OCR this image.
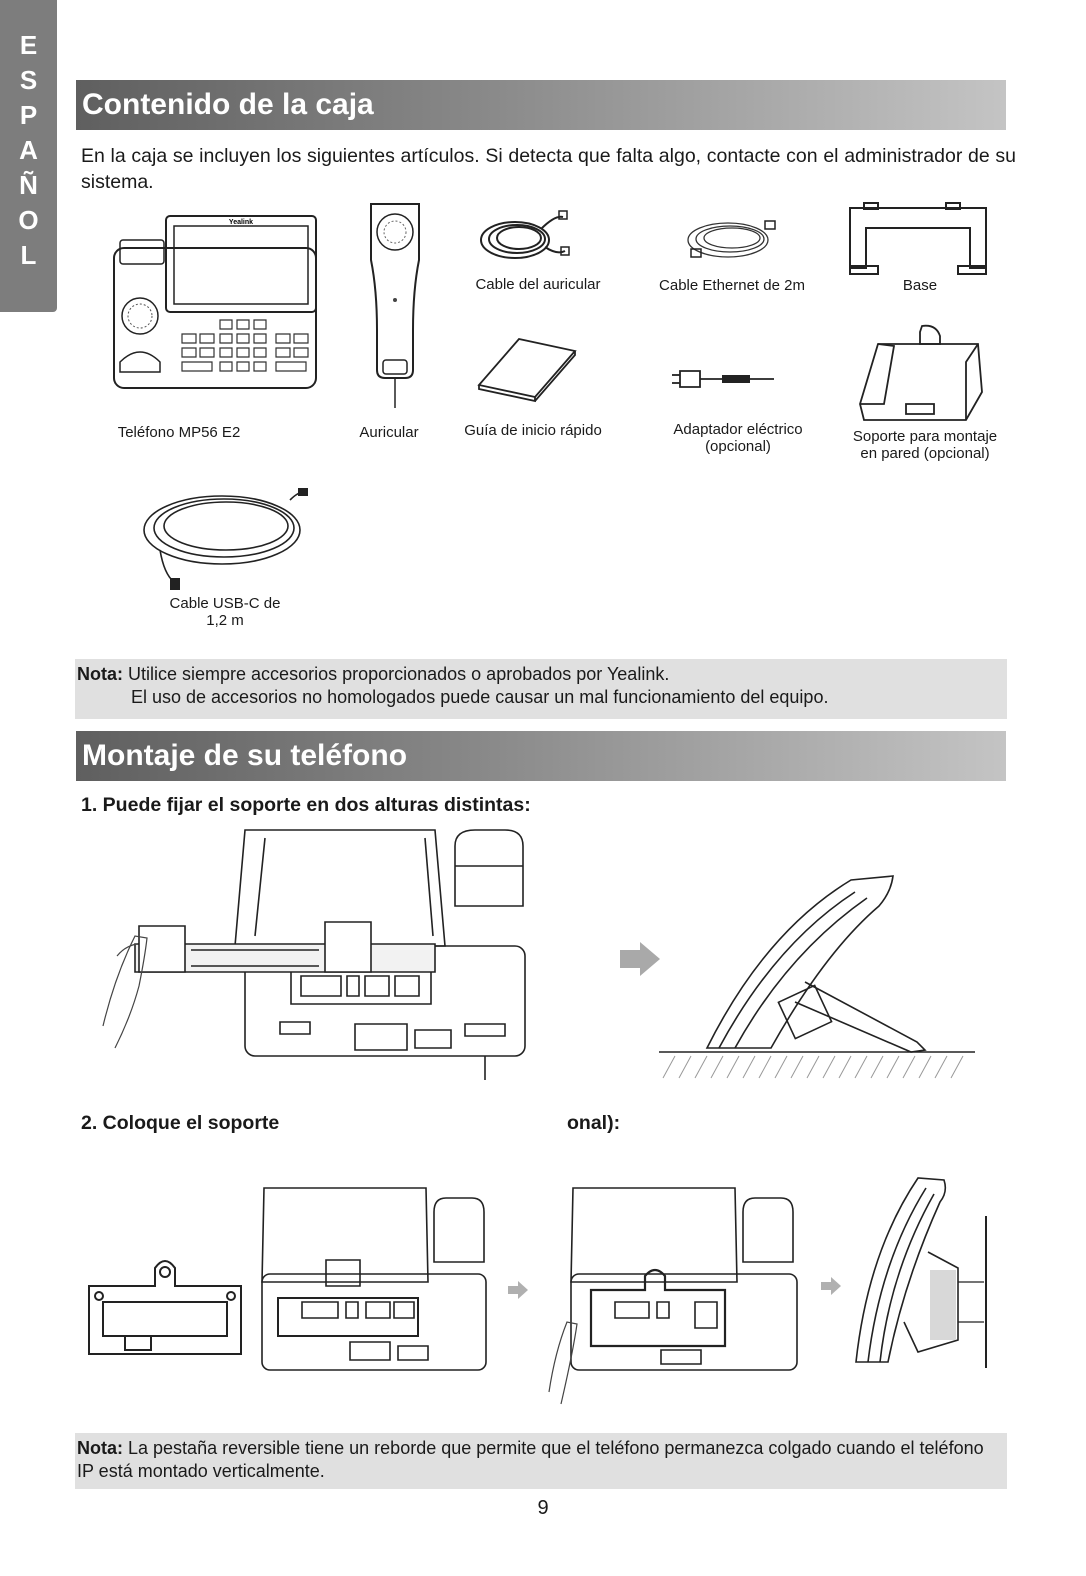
E
S
P
A
Ñ
O
L
Contenido de la caja
En la caja se incluyen los siguientes artículos. Si detecta que falta algo, contacte con el administrador de su sistema.
Yealink
Cable del auricular	Cable Ethernet de 2m	Base
Teléfono MP56 E2	Auricular	Guía de inicio rápido	Adaptador eléctrico
(opcional)
Soporte para montaje
en pared (opcional)
Cable USB-C de
1,2 m
Nota: Utilice siempre accesorios proporcionados o aprobados por Yealink.
El uso de accesorios no homologados puede causar un mal funcionamiento del equipo.
Montaje de su teléfono
1. Puede fijar el soporte en dos alturas distintas:
2. Coloque el soporte	onal):
Nota: La pestaña reversible tiene un reborde que permite que el teléfono permanezca colgado cuando el teléfono IP está montado verticalmente.
9
